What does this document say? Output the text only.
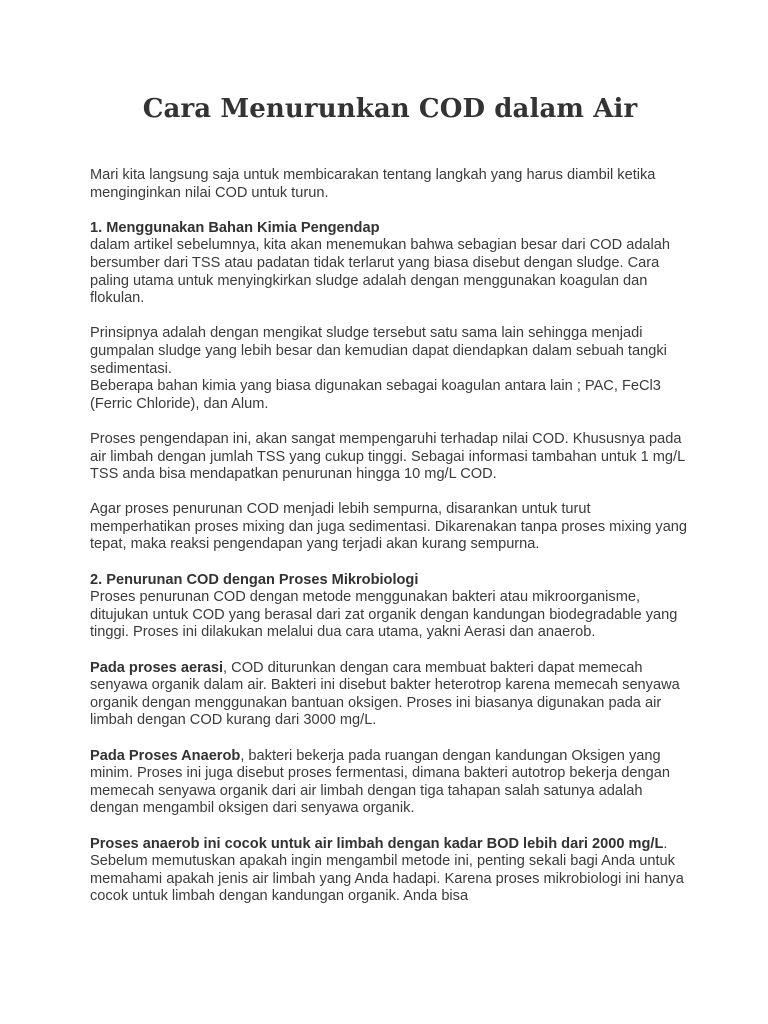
Cara Menurunkan COD dalam Air

Mari kita langsung saja untuk membicarakan tentang langkah yang harus diambil ketika menginginkan nilai COD untuk turun.

1. Menggunakan Bahan Kimia Pengendap
dalam artikel sebelumnya, kita akan menemukan bahwa sebagian besar dari COD adalah bersumber dari TSS atau padatan tidak terlarut yang biasa disebut dengan sludge. Cara paling utama untuk menyingkirkan sludge adalah dengan menggunakan koagulan dan flokulan.
Prinsipnya adalah dengan mengikat sludge tersebut satu sama lain sehingga menjadi gumpalan sludge yang lebih besar dan kemudian dapat diendapkan dalam sebuah tangki sedimentasi.
Beberapa bahan kimia yang biasa digunakan sebagai koagulan antara lain ; PAC, FeCl3 (Ferric Chloride), dan Alum.

Proses pengendapan ini, akan sangat mempengaruhi terhadap nilai COD. Khususnya pada air limbah dengan jumlah TSS yang cukup tinggi. Sebagai informasi tambahan untuk 1 mg/L TSS anda bisa mendapatkan penurunan hingga 10 mg/L COD.

Agar proses penurunan COD menjadi lebih sempurna, disarankan untuk turut memperhatikan proses mixing dan juga sedimentasi. Dikarenakan tanpa proses mixing yang tepat, maka reaksi pengendapan yang terjadi akan kurang sempurna.

2. Penurunan COD dengan Proses Mikrobiologi
Proses penurunan COD dengan metode menggunakan bakteri atau mikroorganisme, ditujukan untuk COD yang berasal dari zat organik dengan kandungan biodegradable yang tinggi. Proses ini dilakukan melalui dua cara utama, yakni Aerasi dan anaerob.

Pada proses aerasi, COD diturunkan dengan cara membuat bakteri dapat memecah senyawa organik dalam air. Bakteri ini disebut bakter heterotrop karena memecah senyawa organik dengan menggunakan bantuan oksigen. Proses ini biasanya digunakan pada air limbah dengan COD kurang dari 3000 mg/L.

Pada Proses Anaerob, bakteri bekerja pada ruangan dengan kandungan Oksigen yang minim. Proses ini juga disebut proses fermentasi, dimana bakteri autotrop bekerja dengan memecah senyawa organik dari air limbah dengan tiga tahapan salah satunya adalah dengan mengambil oksigen dari senyawa organik.

Proses anaerob ini cocok untuk air limbah dengan kadar BOD lebih dari 2000 mg/L.
Sebelum memutuskan apakah ingin mengambil metode ini, penting sekali bagi Anda untuk memahami apakah jenis air limbah yang Anda hadapi. Karena proses mikrobiologi ini hanya cocok untuk limbah dengan kandungan organik. Anda bisa
